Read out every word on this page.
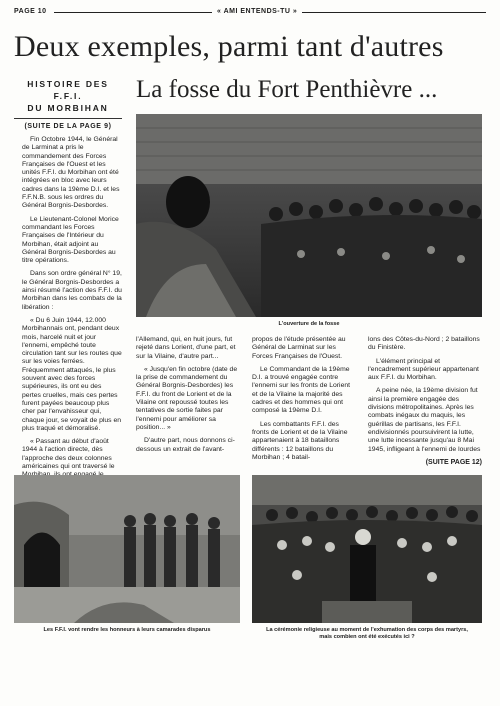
PAGE 10	« AMI ENTENDS-TU »
Deux exemples, parmi tant d'autres
HISTOIRE DES F.F.I.
DU MORBIHAN
La fosse du Fort Penthièvre ...
(SUITE DE LA PAGE 9)

Fin Octobre 1944, le Général de Larminat a pris le commandement des Forces Françaises de l'Ouest et les unités F.F.I. du Morbihan ont été intégrées en bloc avec leurs cadres dans la 19ème D.I. et les F.F.N.B. sous les ordres du Général Borgnis-Desbordes.

Le Lieutenant-Colonel Morice commandant les Forces Françaises de l'Intérieur du Morbihan, était adjoint au Général Borgnis-Desbordes au titre opérations.

Dans son ordre général N° 19, le Général Borgnis-Desbordes a ainsi résumé l'action des F.F.I. du Morbihan dans les combats de la libération :

« Du 6 Juin 1944, 12.000 Morbihannais ont, pendant deux mois, harcelé nuit et jour l'ennemi, empêché toute circulation tant sur les routes que sur les voies ferrées. Fréquemment attaqués, le plus souvent avec des forces supérieures, ils ont eu des pertes cruelles, mais ces pertes furent payées beaucoup plus cher par l'envahisseur qui, chaque jour, se voyait de plus en plus traqué et démoralisé.

« Passant au début d'août 1944 à l'action directe, dès l'approche des deux colonnes américaines qui ont traversé le

L'ouverture de la fosse

l'Allemand, qui, en huit jours, fut rejeté dans Lorient, d'une part, et sur la Vilaine, d'autre part...

« Jusqu'en fin octobre (date de la prise de commandement du Général Borgnis-Desbordes) les F.F.I. du front de Lorient et de la Vilaine ont repoussé toutes les tentatives de sortie faites par l'ennemi pour améliorer sa position... »

D'autre part, nous donnons ci-dessous un extrait de l'avant-

propos de l'étude présentée au Général de Larminat sur les Forces Françaises de l'Ouest.

Le Commandant de la 19ème D.I. a trouvé engagée contre l'ennemi sur les fronts de Lorient et de la Vilaine la majorité des cadres et des hommes qui ont composé la 19ème D.I.

Les combattants F.F.I. des fronts de Lorient et de la Vilaine appartenaient à 18 bataillons différents : 12 bataillons du Morbihan ; 4 batail-

lons des Côtes-du-Nord ; 2 bataillons du Finistère.

L'élément principal et l'encadrement supérieur appartenant aux F.F.I. du Morbihan.

A peine née, la 19ème division fut ainsi la première engagée des divisions métropolitaines. Après les combats inégaux du maquis, les guérillas de partisans, les F.F.I. endivisionnés poursuivirent la lutte, une lutte incessante jusqu'au 8 Mai 1945, infligeant à l'ennemi de lourdes

(SUITE PAGE 12)
Les F.F.I. vont rendre les honneurs à leurs camarades disparus	La cérémonie religieuse au moment de l'exhumation des corps des martyrs,
mais combien ont été exécutés ici ?
